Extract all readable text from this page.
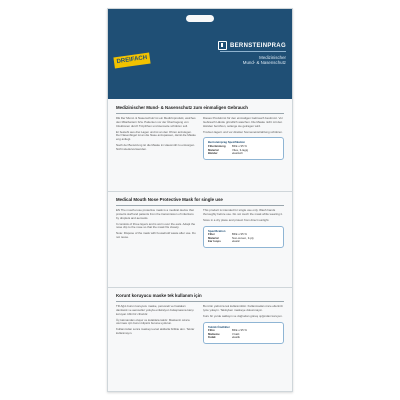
DREIFACH
BERNSTEINPRAG
Medizinischer
Mund- & Nasenschutz
Medizinischer Mund- & Nasenschutz zum einmaligen Gebrauch

DE Der Mund- & Nasenschutz ist ein Medizinprodukt, welches den Mitarbeitern bzw. Patienten vor der Übertragung von Infektionen durch Tröpfchen und Aerosole schützen soll.

Er besteht aus drei Lagen und ist an den Ohren anzulegen. Der Nasenbügel ist an die Nase anzupassen, damit die Maske eng anliegt.

Nach der Benutzung ist die Maske im Hausmüll zu entsorgen. Nicht wiederverwenden.

Dieses Produkt ist für den einmaligen Gebrauch bestimmt. Vor Gebrauch Hände gründlich waschen. Die Maske nicht mit den Händen berühren, solange sie getragen wird.

Trocken lagern und vor direkter Sonneneinstrahlung schützen.

Bernsteinprag Spezifikation
Filterleistung	BFE ≥ 95 %
Material	Vlies, 3-lagig
Bänder	elastisch
Medical Mouth Nose Protective Mask for single use

EN The mouth-nose protective mask is a medical device that protects staff and patients from the transmission of infections by droplets and aerosols.

It consists of three layers and is worn over the ears. Adapt the nose clip to the nose so that the mask fits closely.

Note: Dispose of the mask with household waste after use. Do not reuse.

This product is intended for single use only. Wash hands thoroughly before use. Do not touch the mask while wearing it.

Store in a dry place and protect from direct sunlight.

Specification
Filter	BFE ≥ 95 %
Material	Non-woven, 3-ply
Ear loops	elastic
Korunt koruyucu maske tek kullanım için

TR Ağız-burun koruyucu maske, personeli ve hastaları damlacık ve aerosoller yoluyla enfeksiyon bulaşmasına karşı koruyan tıbbi bir cihazdır.

Üç katmandan oluşur ve kulaklara takılır. Maskenin sıkıca oturması için burun klipsini buruna uydurun.

Kullanımdan sonra maskeyi evsel atıklarla birlikte atın. Tekrar kullanmayın.

Bu ürün yalnızca tek kullanımlıktır. Kullanmadan önce ellerinizi iyice yıkayın. Takılıyken maskeye dokunmayın.

Kuru bir yerde saklayın ve doğrudan güneş ışığından koruyun.

Teknik Özellikler
Filtre	BFE ≥ 95 %
Malzeme	3 katlı
Kulak	elastik
